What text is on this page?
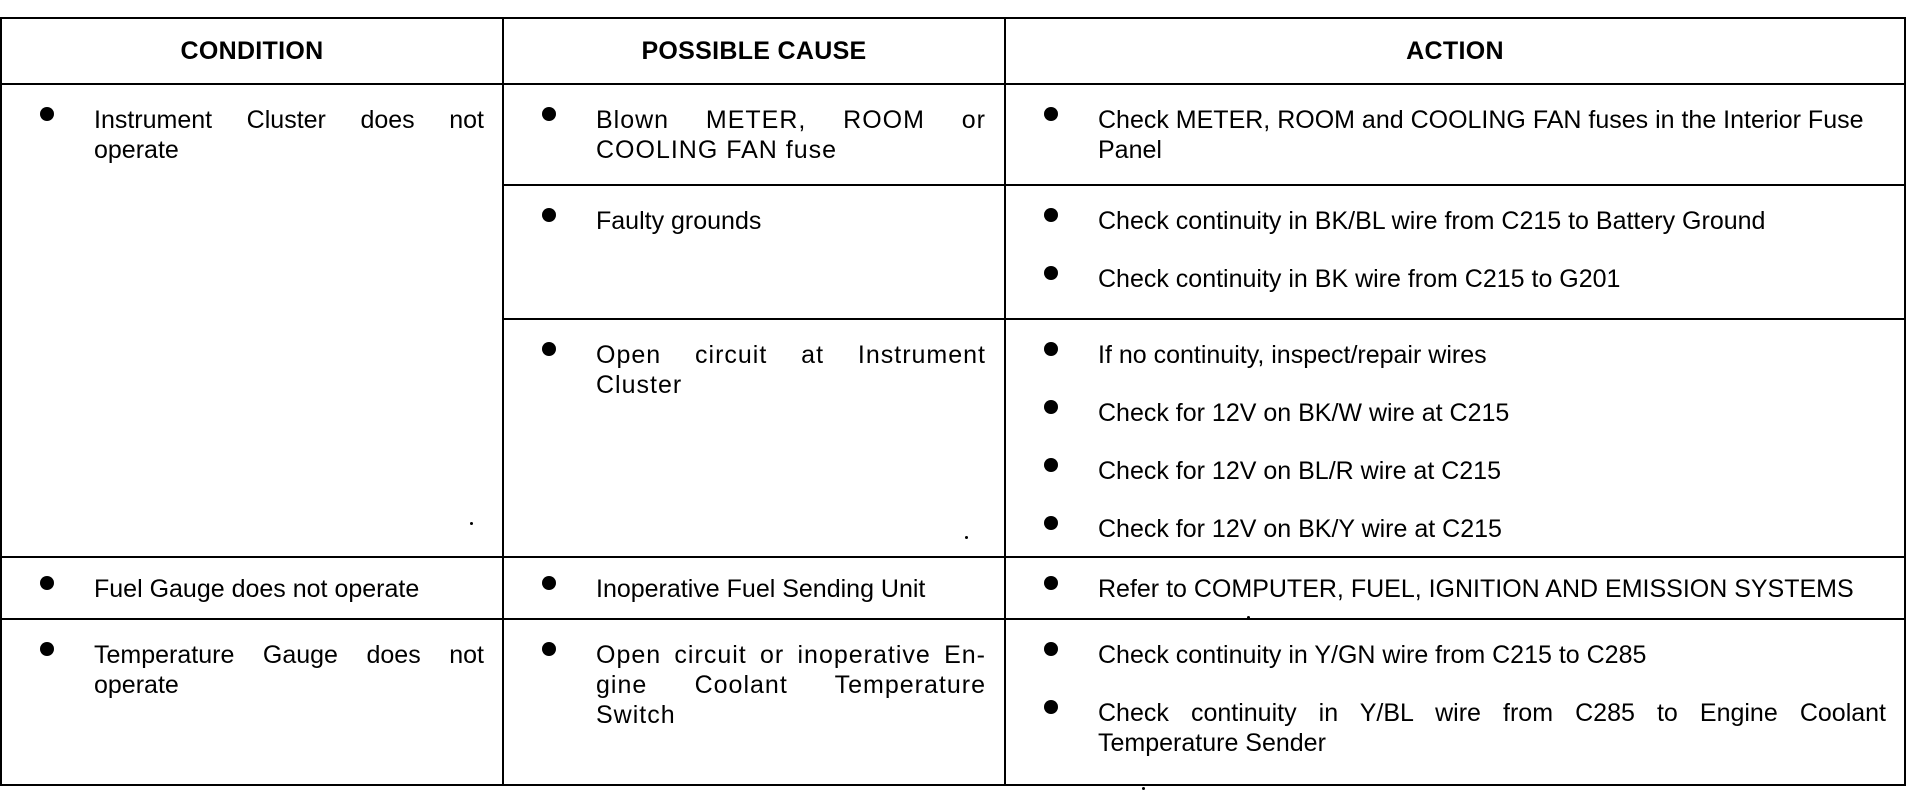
CONDITION	POSSIBLE CAUSE	ACTION

Instrument Cluster does not operate	Blown METER, ROOM or COOLING FAN fuse	Check METER, ROOM and COOLING FAN fuses in the Interior Fuse Panel

	Faulty grounds	Check continuity in BK/BL wire from C215 to Battery Ground
Check continuity in BK wire from C215 to G201

	Open circuit at Instrument Cluster	If no continuity, inspect/repair wires
Check for 12V on BK/W wire at C215
Check for 12V on BL/R wire at C215
Check for 12V on BK/Y wire at C215

Fuel Gauge does not operate	Inoperative Fuel Sending Unit	Refer to COMPUTER, FUEL, IGNITION AND EMISSION SYSTEMS

Temperature Gauge does not operate	Open circuit or inoperative En-gine Coolant Temperature Switch	Check continuity in Y/GN wire from C215 to C285
Check continuity in Y/BL wire from C285 to Engine Coolant Temperature Sender
